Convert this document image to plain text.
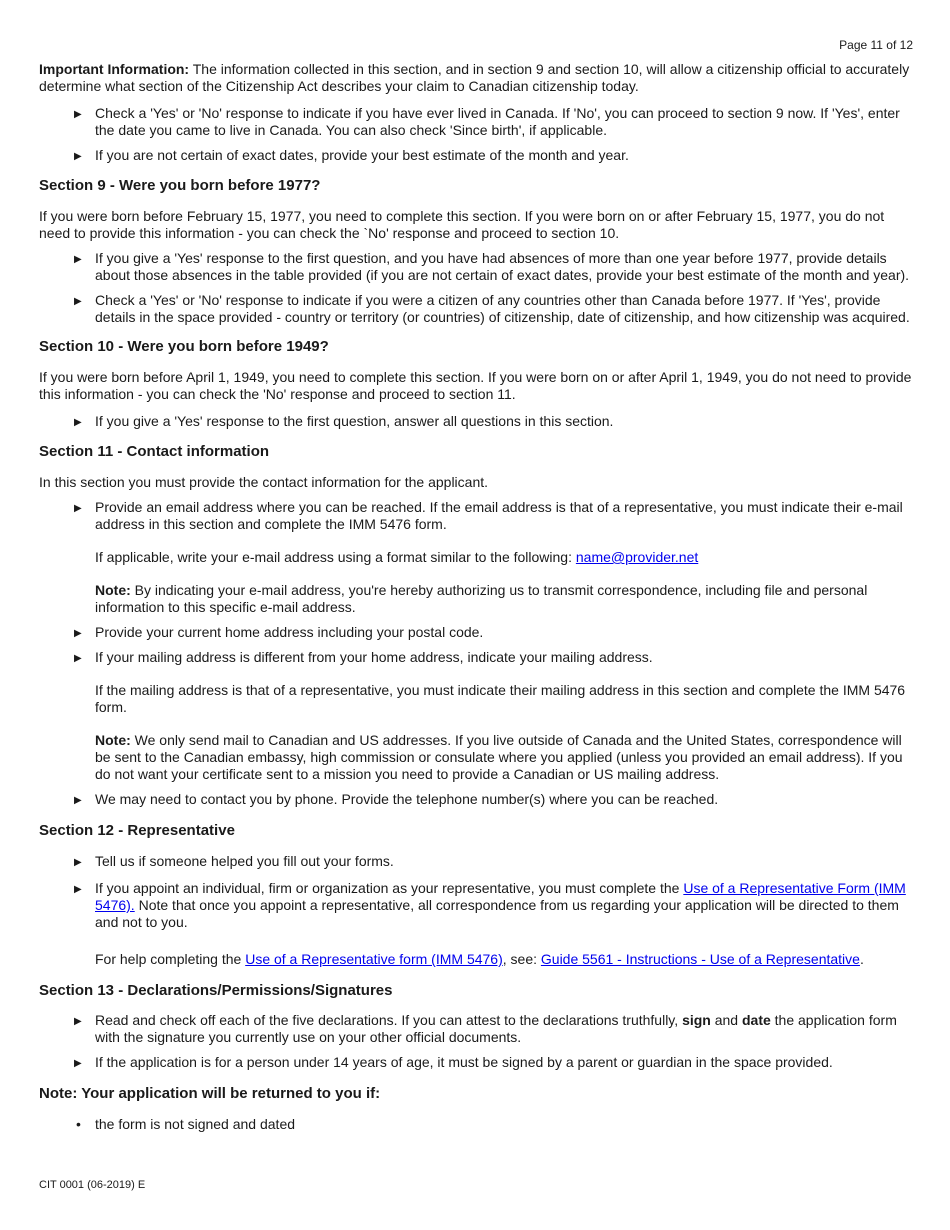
Page 11 of 12

Important Information: The information collected in this section, and in section 9 and section 10, will allow a citizenship official to accurately determine what section of the Citizenship Act describes your claim to Canadian citizenship today.

▶ Check a 'Yes' or 'No' response to indicate if you have ever lived in Canada. If 'No', you can proceed to section 9 now. If 'Yes', enter the date you came to live in Canada. You can also check 'Since birth', if applicable.
▶ If you are not certain of exact dates, provide your best estimate of the month and year.
Section 9 - Were you born before 1977?

If you were born before February 15, 1977, you need to complete this section. If you were born on or after February 15, 1977, you do not need to provide this information - you can check the `No' response and proceed to section 10.

▶ If you give a 'Yes' response to the first question, and you have had absences of more than one year before 1977, provide details about those absences in the table provided (if you are not certain of exact dates, provide your best estimate of the month and year).
▶ Check a 'Yes' or 'No' response to indicate if you were a citizen of any countries other than Canada before 1977. If 'Yes', provide details in the space provided - country or territory (or countries) of citizenship, date of citizenship, and how citizenship was acquired.
Section 10 - Were you born before 1949?

If you were born before April 1, 1949, you need to complete this section. If you were born on or after April 1, 1949, you do not need to provide this information - you can check the 'No' response and proceed to section 11.

▶ If you give a 'Yes' response to the first question, answer all questions in this section.
Section 11 - Contact information

In this section you must provide the contact information for the applicant.

▶ Provide an email address where you can be reached. If the email address is that of a representative, you must indicate their e-mail address in this section and complete the IMM 5476 form.

If applicable, write your e-mail address using a format similar to the following: name@provider.net

Note: By indicating your e-mail address, you're hereby authorizing us to transmit correspondence, including file and personal information to this specific e-mail address.

▶ Provide your current home address including your postal code.
▶ If your mailing address is different from your home address, indicate your mailing address.

If the mailing address is that of a representative, you must indicate their mailing address in this section and complete the IMM 5476 form.

Note: We only send mail to Canadian and US addresses. If you live outside of Canada and the United States, correspondence will be sent to the Canadian embassy, high commission or consulate where you applied (unless you provided an email address). If you do not want your certificate sent to a mission you need to provide a Canadian or US mailing address.

▶ We may need to contact you by phone. Provide the telephone number(s) where you can be reached.
Section 12 - Representative
▶ Tell us if someone helped you fill out your forms.
▶ If you appoint an individual, firm or organization as your representative, you must complete the Use of a Representative Form (IMM 5476). Note that once you appoint a representative, all correspondence from us regarding your application will be directed to them and not to you.

For help completing the Use of a Representative form (IMM 5476), see: Guide 5561 - Instructions - Use of a Representative.

Section 13 - Declarations/Permissions/Signatures
▶ Read and check off each of the five declarations. If you can attest to the declarations truthfully, sign and date the application form with the signature you currently use on your other official documents.
▶ If the application is for a person under 14 years of age, it must be signed by a parent or guardian in the space provided.
Note: Your application will be returned to you if:
• the form is not signed and dated
CIT 0001 (06-2019) E
